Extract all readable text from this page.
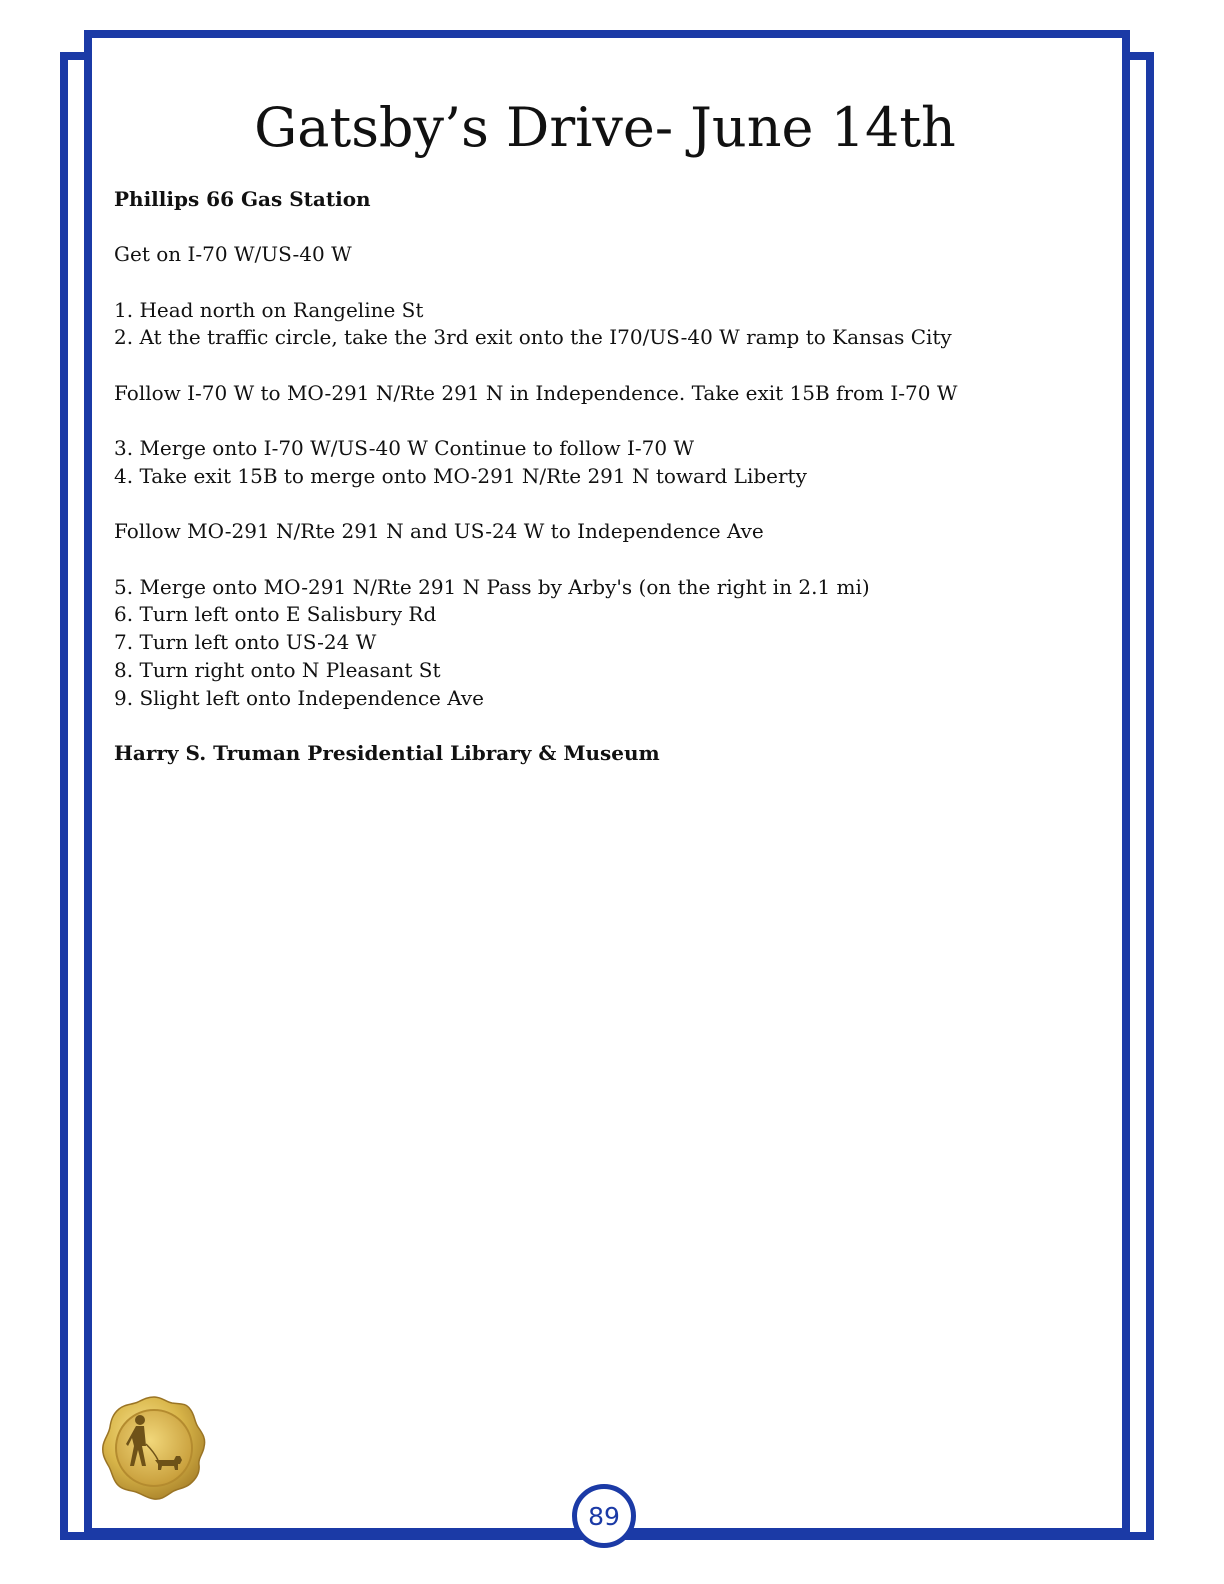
Gatsby’s Drive- June 14th

Phillips 66 Gas Station

Get on I-70 W/US-40 W

1. Head north on Rangeline St

2. At the traffic circle, take the 3rd exit onto the I70/US-40 W ramp to Kansas City

Follow I-70 W to MO-291 N/Rte 291 N in Independence. Take exit 15B from I-70 W

3. Merge onto I-70 W/US-40 W Continue to follow I-70 W

4. Take exit 15B to merge onto MO-291 N/Rte 291 N toward Liberty

Follow MO-291 N/Rte 291 N and US-24 W to Independence Ave

5. Merge onto MO-291 N/Rte 291 N Pass by Arby's (on the right in 2.1 mi)

6. Turn left onto E Salisbury Rd

7. Turn left onto US-24 W

8. Turn right onto N Pleasant St

9. Slight left onto Independence Ave

Harry S. Truman Presidential Library & Museum

89
